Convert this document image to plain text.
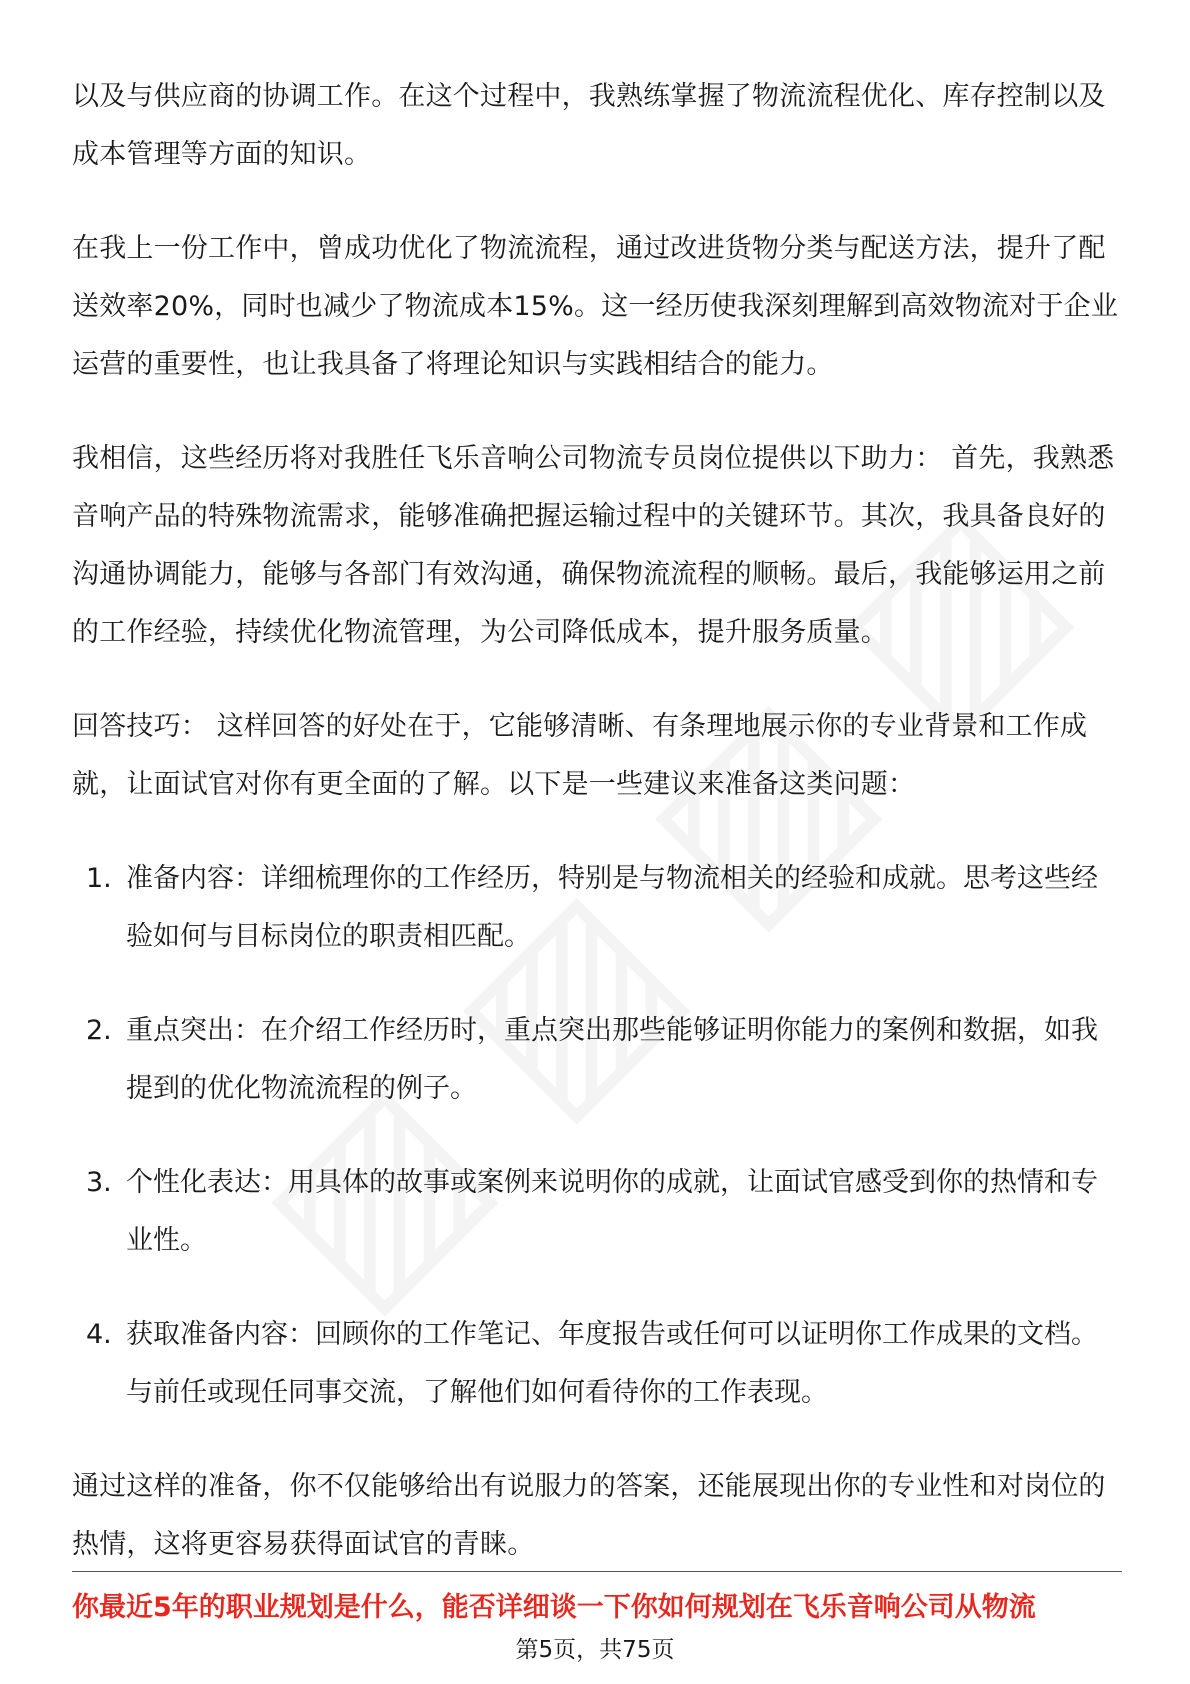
以及与供应商的协调工作。在这个过程中，我熟练掌握了物流流程优化、库存控制以及成本管理等方面的知识。

在我上一份工作中，曾成功优化了物流流程，通过改进货物分类与配送方法，提升了配送效率20%，同时也减少了物流成本15%。这一经历使我深刻理解到高效物流对于企业运营的重要性，也让我具备了将理论知识与实践相结合的能力。

我相信，这些经历将对我胜任飞乐音响公司物流专员岗位提供以下助力： 首先，我熟悉音响产品的特殊物流需求，能够准确把握运输过程中的关键环节。其次，我具备良好的沟通协调能力，能够与各部门有效沟通，确保物流流程的顺畅。最后，我能够运用之前的工作经验，持续优化物流管理，为公司降低成本，提升服务质量。

回答技巧： 这样回答的好处在于，它能够清晰、有条理地展示你的专业背景和工作成就，让面试官对你有更全面的了解。以下是一些建议来准备这类问题：

1. 准备内容：详细梳理你的工作经历，特别是与物流相关的经验和成就。思考这些经验如何与目标岗位的职责相匹配。
2. 重点突出：在介绍工作经历时，重点突出那些能够证明你能力的案例和数据，如我提到的优化物流流程的例子。
3. 个性化表达：用具体的故事或案例来说明你的成就，让面试官感受到你的热情和专业性。
4. 获取准备内容：回顾你的工作笔记、年度报告或任何可以证明你工作成果的文档。与前任或现任同事交流，了解他们如何看待你的工作表现。

通过这样的准备，你不仅能够给出有说服力的答案，还能展现出你的专业性和对岗位的热情，这将更容易获得面试官的青睐。

你最近5年的职业规划是什么，能否详细谈一下你如何规划在飞乐音响公司从物流
第5页，共75页
